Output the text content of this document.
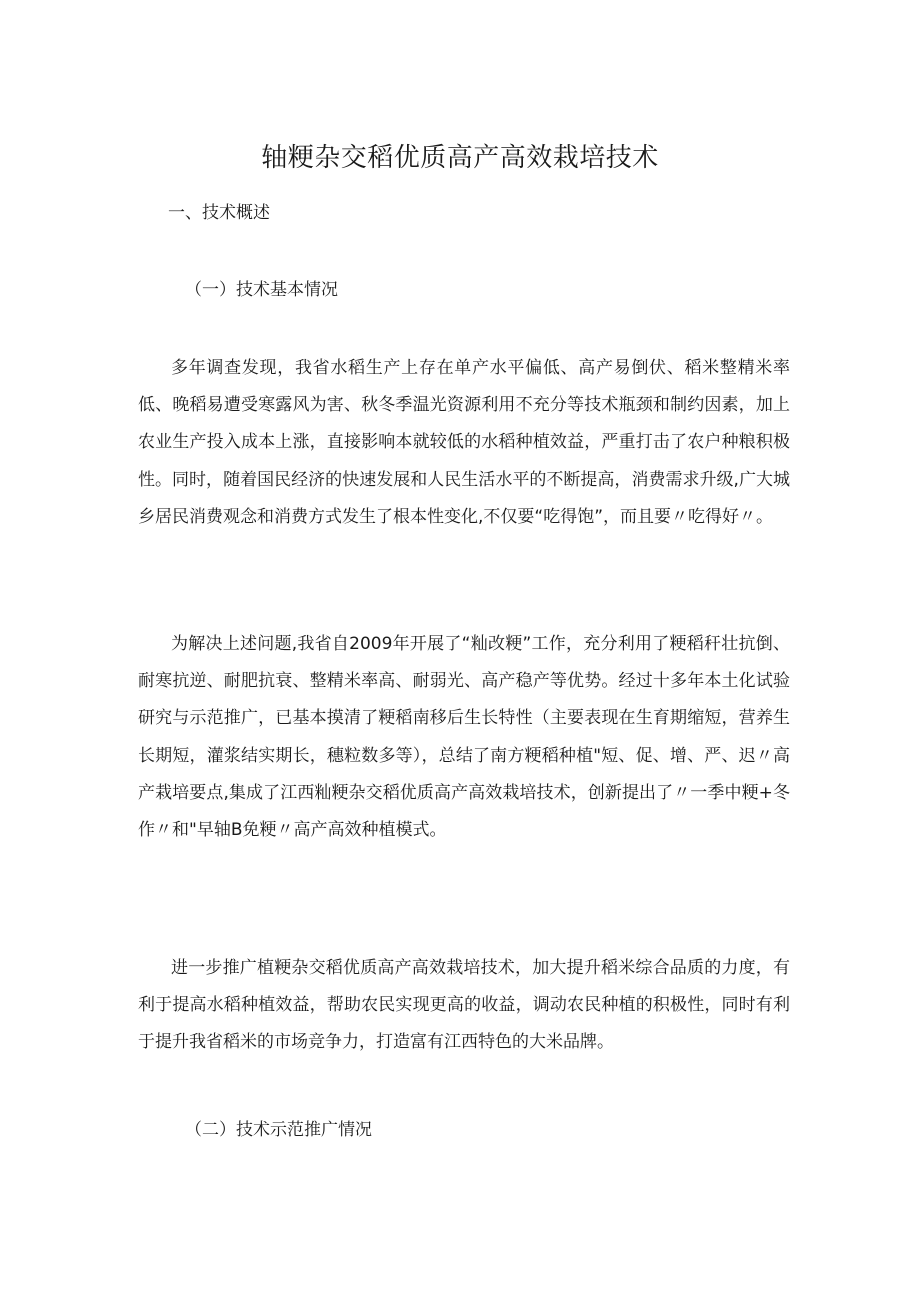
轴粳杂交稻优质高产高效栽培技术
一、技术概述
（一）技术基本情况

多年调查发现，我省水稻生产上存在单产水平偏低、高产易倒伏、稻米整精米率低、晚稻易遭受寒露风为害、秋冬季温光资源利用不充分等技术瓶颈和制约因素，加上农业生产投入成本上涨，直接影响本就较低的水稻种植效益，严重打击了农户种粮积极性。同时，随着国民经济的快速发展和人民生活水平的不断提高，消费需求升级,广大城乡居民消费观念和消费方式发生了根本性变化,不仅要“吃得饱”，而且要〃吃得好〃。

为解决上述问题,我省自2009年开展了“籼改粳”工作，充分利用了粳稻秆壮抗倒、耐寒抗逆、耐肥抗衰、整精米率高、耐弱光、高产稳产等优势。经过十多年本土化试验研究与示范推广，已基本摸清了粳稻南移后生长特性（主要表现在生育期缩短，营养生长期短，灌浆结实期长，穗粒数多等），总结了南方粳稻种植"短、促、增、严、迟〃高产栽培要点,集成了江西籼粳杂交稻优质高产高效栽培技术，创新提出了〃一季中粳+冬作〃和"早轴B免粳〃高产高效种植模式。

进一步推广植粳杂交稻优质高产高效栽培技术，加大提升稻米综合品质的力度，有利于提高水稻种植效益，帮助农民实现更高的收益，调动农民种植的积极性，同时有利于提升我省稻米的市场竞争力，打造富有江西特色的大米品牌。

（二）技术示范推广情况
